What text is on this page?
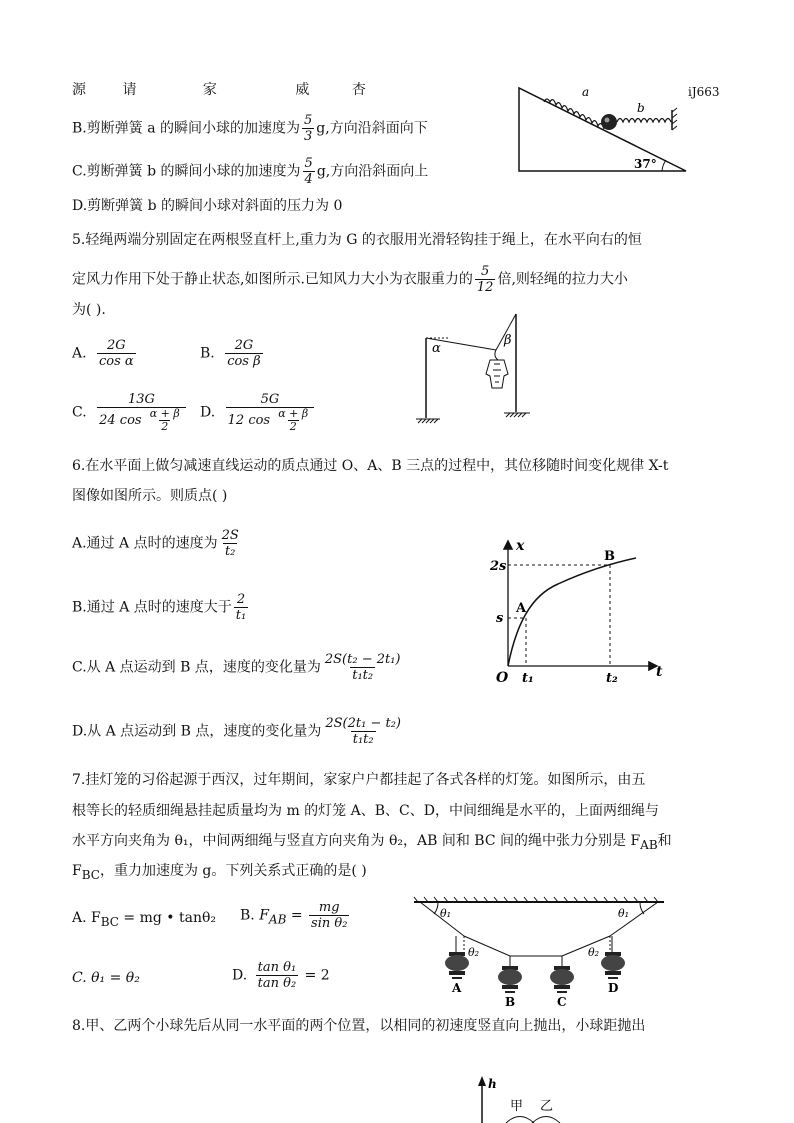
源	请	家	威	杏	iJ663
B.剪断弹簧 a 的瞬间小球的加速度为 $\frac{5}{3} g$,方向沿斜面向下
C.剪断弹簧 b 的瞬间小球的加速度为 $\frac{5}{4} g$,方向沿斜面向上
D.剪断弹簧 b 的瞬间小球对斜面的压力为 0
a
b
37°
5.轻绳两端分别固定在两根竖直杆上,重力为 G 的衣服用光滑轻钩挂于绳上，在水平向右的恒
定风力作用下处于静止状态,如图所示.已知风力大小为衣服重力的 $\frac{5}{12}$ 倍,则轻绳的拉力大小
为( ).
A. $\frac{2G}{\text{cos α}}$	B. $\frac{2G}{\text{cos β}}$
C. $\frac{13G}{24 \cos \frac{\alpha + \beta}{2}} D$. $\frac{5G}{12 \cos \frac{\alpha + \beta}{2}}$
α
β
6.在水平面上做匀减速直线运动的质点通过 O、A、B 三点的过程中，其位移随时间变化规律 X-t
图像如图所示。则质点( )
A.通过 A 点时的速度为 $\frac{2S}{\text{t₂}}$
B.通过 A 点时的速度大于 $\frac{2}{\text{t₁}}$
C.从 A 点运动到 B 点，速度的变化量为 $\frac{\text{2S(t₂ − 2t₁)}}{\text{t₁t₂}}$
D.从 A 点运动到 B 点，速度的变化量为 $\frac{\text{2S(2t₁ − t₂)}}{\text{t₁t₂}}$
t
x
O
2s
s
t₁	t₂
A
B
7.挂灯笼的习俗起源于西汉，过年期间，家家户户都挂起了各式各样的灯笼。如图所示，由五
根等长的轻质细绳悬挂起质量均为 m 的灯笼 A、B、C、D，中间细绳是水平的，上面两细绳与
水平方向夹角为 θ₁，中间两细绳与竖直方向夹角为 θ₂，AB 间和 BC 间的绳中张力分别是 $F_{AB}$和
$F_{BC}$，重力加速度为 g。下列关系式正确的是( )
A. $F_{BC}$ = mg • tanθ₂ B. $F_{AB} = \frac{mg}{\text{sin θ₂}}$
C. θ₁ = θ₂	D. $\frac{\text{tan θ₁}}{\text{tan θ₂}} = 2$
θ₁	θ₁
θ₂	θ₂
A
B	C
D
8.甲、乙两个小球先后从同一水平面的两个位置，以相同的初速度竖直向上抛出，小球距抛出
h
甲 乙
